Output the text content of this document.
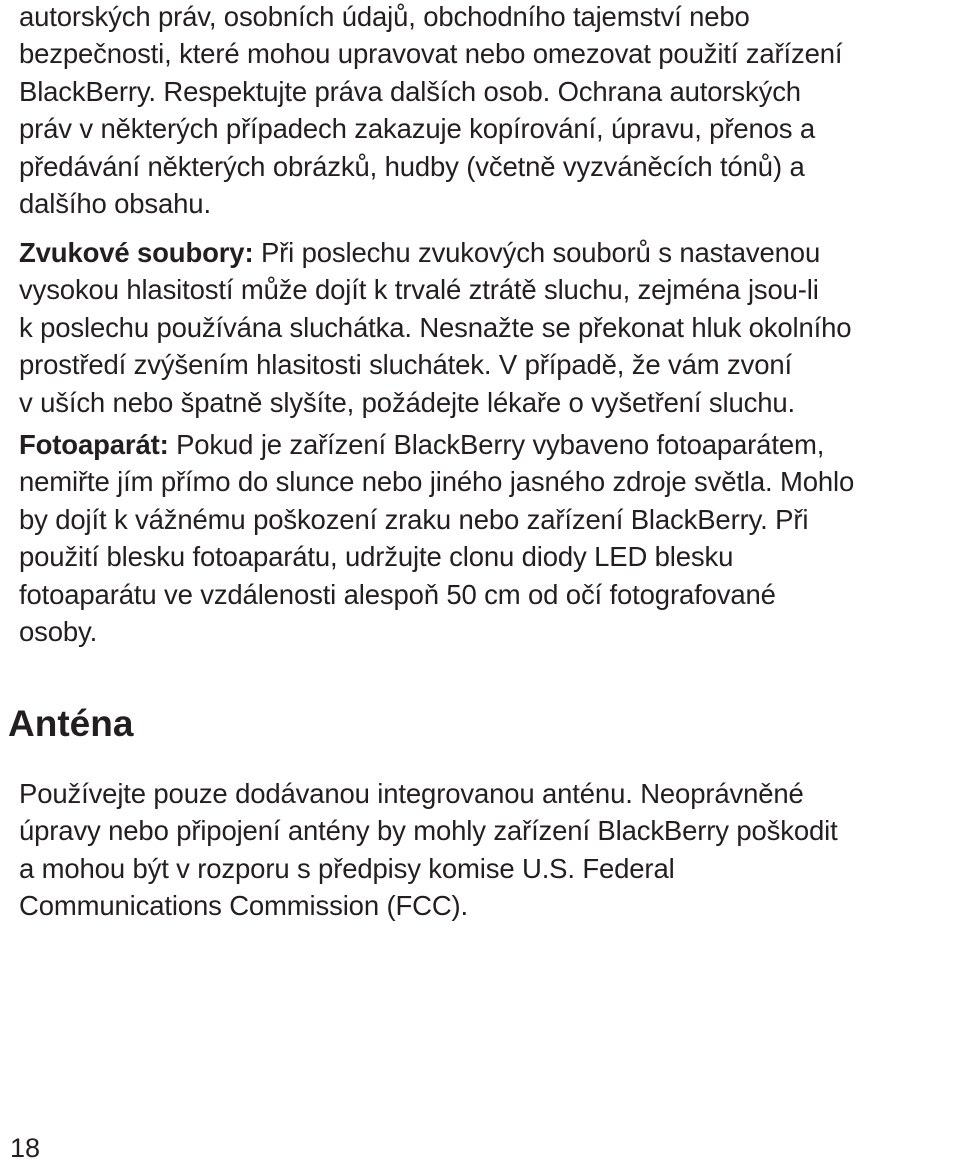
autorských práv, osobních údajů, obchodního tajemství nebo
bezpečnosti, které mohou upravovat nebo omezovat použití zařízení
BlackBerry. Respektujte práva dalších osob. Ochrana autorských
práv v některých případech zakazuje kopírování, úpravu, přenos a
předávání některých obrázků, hudby (včetně vyzváněcích tónů) a
dalšího obsahu.

Zvukové soubory: Při poslechu zvukových souborů s nastavenou
vysokou hlasitostí může dojít k trvalé ztrátě sluchu, zejména jsou-li
k poslechu používána sluchátka. Nesnažte se překonat hluk okolního
prostředí zvýšením hlasitosti sluchátek. V případě, že vám zvoní
v uších nebo špatně slyšíte, požádejte lékaře o vyšetření sluchu.

Fotoaparát: Pokud je zařízení BlackBerry vybaveno fotoaparátem,
nemiřte jím přímo do slunce nebo jiného jasného zdroje světla. Mohlo
by dojít k vážnému poškození zraku nebo zařízení BlackBerry. Při
použití blesku fotoaparátu, udržujte clonu diody LED blesku
fotoaparátu ve vzdálenosti alespoň 50 cm od očí fotografované
osoby.

Anténa

Používejte pouze dodávanou integrovanou anténu. Neoprávněné
úpravy nebo připojení antény by mohly zařízení BlackBerry poškodit
a mohou být v rozporu s předpisy komise U.S. Federal
Communications Commission (FCC).

18
